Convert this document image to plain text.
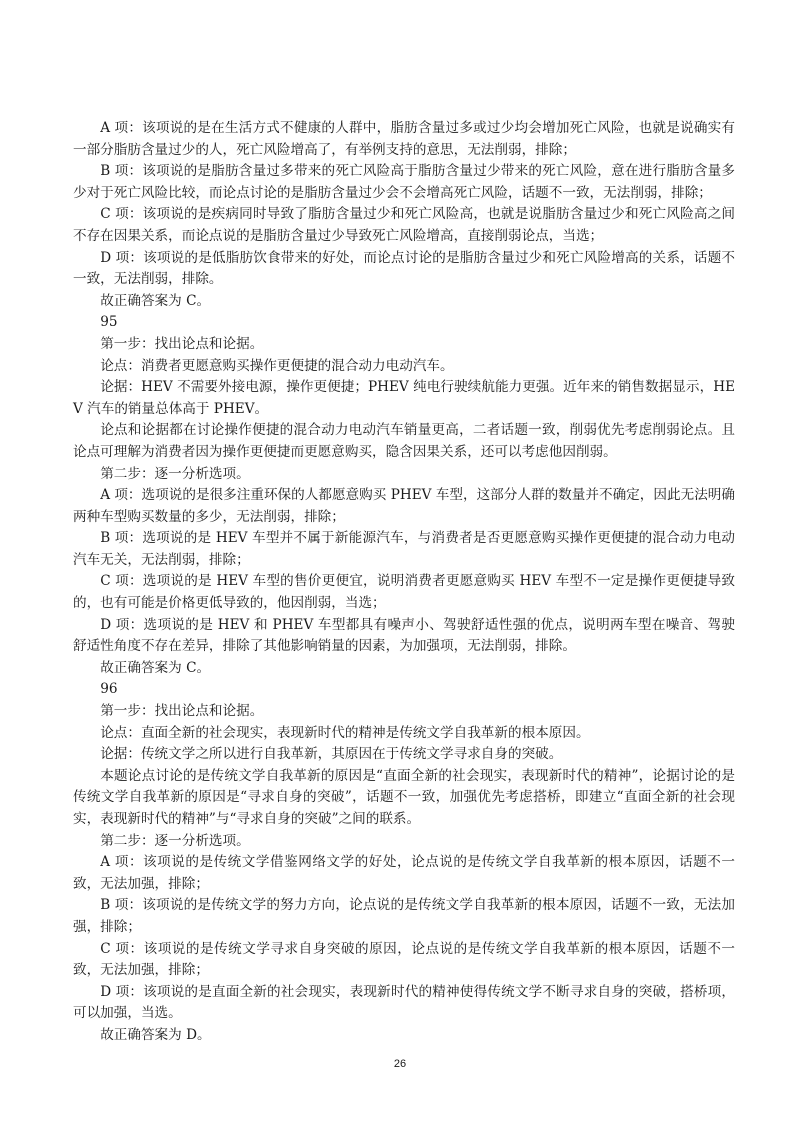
A 项：该项说的是在生活方式不健康的人群中，脂肪含量过多或过少均会增加死亡风险，也就是说确实有一部分脂肪含量过少的人，死亡风险增高了，有举例支持的意思，无法削弱，排除；

B 项：该项说的是脂肪含量过多带来的死亡风险高于脂肪含量过少带来的死亡风险，意在进行脂肪含量多少对于死亡风险比较，而论点讨论的是脂肪含量过少会不会增高死亡风险，话题不一致，无法削弱，排除；

C 项：该项说的是疾病同时导致了脂肪含量过少和死亡风险高，也就是说脂肪含量过少和死亡风险高之间不存在因果关系，而论点说的是脂肪含量过少导致死亡风险增高，直接削弱论点，当选；

D 项：该项说的是低脂肪饮食带来的好处，而论点讨论的是脂肪含量过少和死亡风险增高的关系，话题不一致，无法削弱，排除。

故正确答案为 C。

95

第一步：找出论点和论据。

论点：消费者更愿意购买操作更便捷的混合动力电动汽车。

论据：HEV 不需要外接电源，操作更便捷；PHEV 纯电行驶续航能力更强。近年来的销售数据显示，HEV 汽车的销量总体高于 PHEV。

论点和论据都在讨论操作便捷的混合动力电动汽车销量更高，二者话题一致，削弱优先考虑削弱论点。且论点可理解为消费者因为操作更便捷而更愿意购买，隐含因果关系，还可以考虑他因削弱。

第二步：逐一分析选项。

A 项：选项说的是很多注重环保的人都愿意购买 PHEV 车型，这部分人群的数量并不确定，因此无法明确两种车型购买数量的多少，无法削弱，排除；

B 项：选项说的是 HEV 车型并不属于新能源汽车，与消费者是否更愿意购买操作更便捷的混合动力电动汽车无关，无法削弱，排除；

C 项：选项说的是 HEV 车型的售价更便宜，说明消费者更愿意购买 HEV 车型不一定是操作更便捷导致的，也有可能是价格更低导致的，他因削弱，当选；

D 项：选项说的是 HEV 和 PHEV 车型都具有噪声小、驾驶舒适性强的优点，说明两车型在噪音、驾驶舒适性角度不存在差异，排除了其他影响销量的因素，为加强项，无法削弱，排除。

故正确答案为 C。

96

第一步：找出论点和论据。

论点：直面全新的社会现实，表现新时代的精神是传统文学自我革新的根本原因。

论据：传统文学之所以进行自我革新，其原因在于传统文学寻求自身的突破。

本题论点讨论的是传统文学自我革新的原因是“直面全新的社会现实，表现新时代的精神”，论据讨论的是传统文学自我革新的原因是“寻求自身的突破”，话题不一致，加强优先考虑搭桥，即建立“直面全新的社会现实，表现新时代的精神”与“寻求自身的突破”之间的联系。

第二步：逐一分析选项。

A 项：该项说的是传统文学借鉴网络文学的好处，论点说的是传统文学自我革新的根本原因，话题不一致，无法加强，排除；

B 项：该项说的是传统文学的努力方向，论点说的是传统文学自我革新的根本原因，话题不一致，无法加强，排除；

C 项：该项说的是传统文学寻求自身突破的原因，论点说的是传统文学自我革新的根本原因，话题不一致，无法加强，排除；

D 项：该项说的是直面全新的社会现实，表现新时代的精神使得传统文学不断寻求自身的突破，搭桥项，可以加强，当选。

故正确答案为 D。

26
